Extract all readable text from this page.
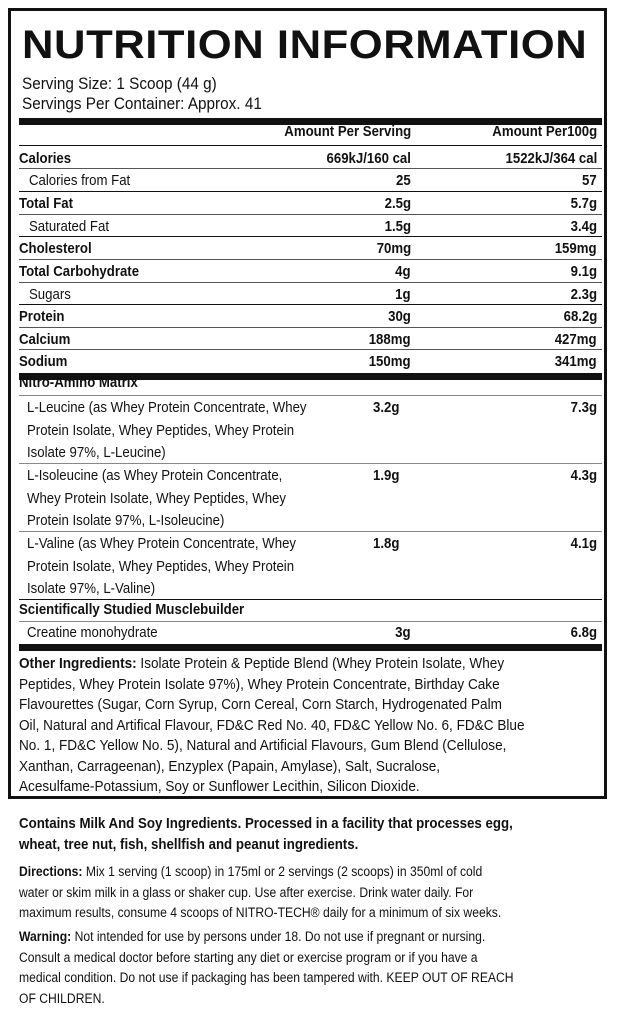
NUTRITION INFORMATION
Serving Size: 1 Scoop (44 g)
Servings Per Container: Approx. 41
Amount Per Serving	Amount Per100g
Calories	669kJ/160 cal	1522kJ/364 cal
Calories from Fat	25	57
Total Fat	2.5g	5.7g
Saturated Fat	1.5g	3.4g
Cholesterol	70mg	159mg
Total Carbohydrate	4g	9.1g
Sugars	1g	2.3g
Protein	30g	68.2g
Calcium	188mg	427mg
Sodium	150mg	341mg
Nitro-Amino Matrix
L-Leucine (as Whey Protein Concentrate, Whey
Protein Isolate, Whey Peptides, Whey Protein
Isolate 97%, L-Leucine)
3.2g	7.3g
L-Isoleucine (as Whey Protein Concentrate,
Whey Protein Isolate, Whey Peptides, Whey
Protein Isolate 97%, L-Isoleucine)
1.9g	4.3g
L-Valine (as Whey Protein Concentrate, Whey
Protein Isolate, Whey Peptides, Whey Protein
Isolate 97%, L-Valine)
1.8g	4.1g
Scientifically Studied Musclebuilder
Creatine monohydrate	3g	6.8g
Other Ingredients: Isolate Protein & Peptide Blend (Whey Protein Isolate, Whey
Peptides, Whey Protein Isolate 97%), Whey Protein Concentrate, Birthday Cake
Flavourettes (Sugar, Corn Syrup, Corn Cereal, Corn Starch, Hydrogenated Palm
Oil, Natural and Artifical Flavour, FD&C Red No. 40, FD&C Yellow No. 6, FD&C Blue
No. 1, FD&C Yellow No. 5), Natural and Artificial Flavours, Gum Blend (Cellulose,
Xanthan, Carrageenan), Enzyplex (Papain, Amylase), Salt, Sucralose,
Acesulfame-Potassium, Soy or Sunflower Lecithin, Silicon Dioxide.
Contains Milk And Soy Ingredients. Processed in a facility that processes egg,
wheat, tree nut, fish, shellfish and peanut ingredients.
Directions: Mix 1 serving (1 scoop) in 175ml or 2 servings (2 scoops) in 350ml of cold
water or skim milk in a glass or shaker cup. Use after exercise. Drink water daily. For
maximum results, consume 4 scoops of NITRO-TECH® daily for a minimum of six weeks.
Warning: Not intended for use by persons under 18. Do not use if pregnant or nursing.
Consult a medical doctor before starting any diet or exercise program or if you have a
medical condition. Do not use if packaging has been tampered with. KEEP OUT OF REACH
OF CHILDREN.
